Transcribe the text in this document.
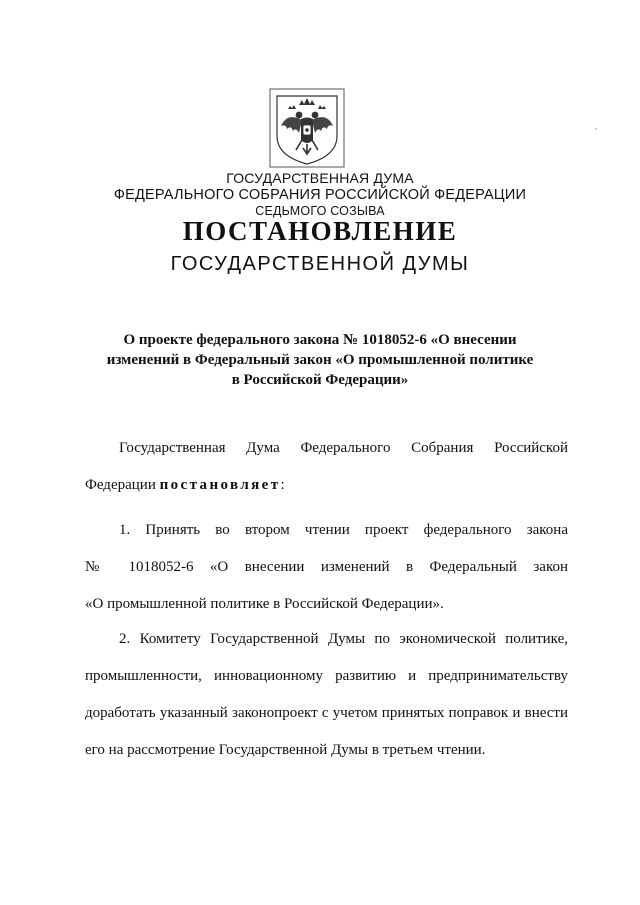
ГОСУДАРСТВЕННАЯ ДУМА
ФЕДЕРАЛЬНОГО СОБРАНИЯ РОССИЙСКОЙ ФЕДЕРАЦИИ
СЕДЬМОГО СОЗЫВА
ПОСТАНОВЛЕНИЕ
ГОСУДАРСТВЕННОЙ ДУМЫ
О проекте федерального закона № 1018052-6 «О внесении
изменений в Федеральный закон «О промышленной политике
в Российской Федерации»
Государственная Дума Федерального Собрания Российской
Федерации постановляет:
1. Принять во втором чтении проект федерального закона
№ 1018052-6 «О внесении изменений в Федеральный закон
«О промышленной политике в Российской Федерации».
2. Комитету Государственной Думы по экономической политике,
промышленности, инновационному развитию и предпринимательству
доработать указанный законопроект с учетом принятых поправок и внести
его на рассмотрение Государственной Думы в третьем чтении.
